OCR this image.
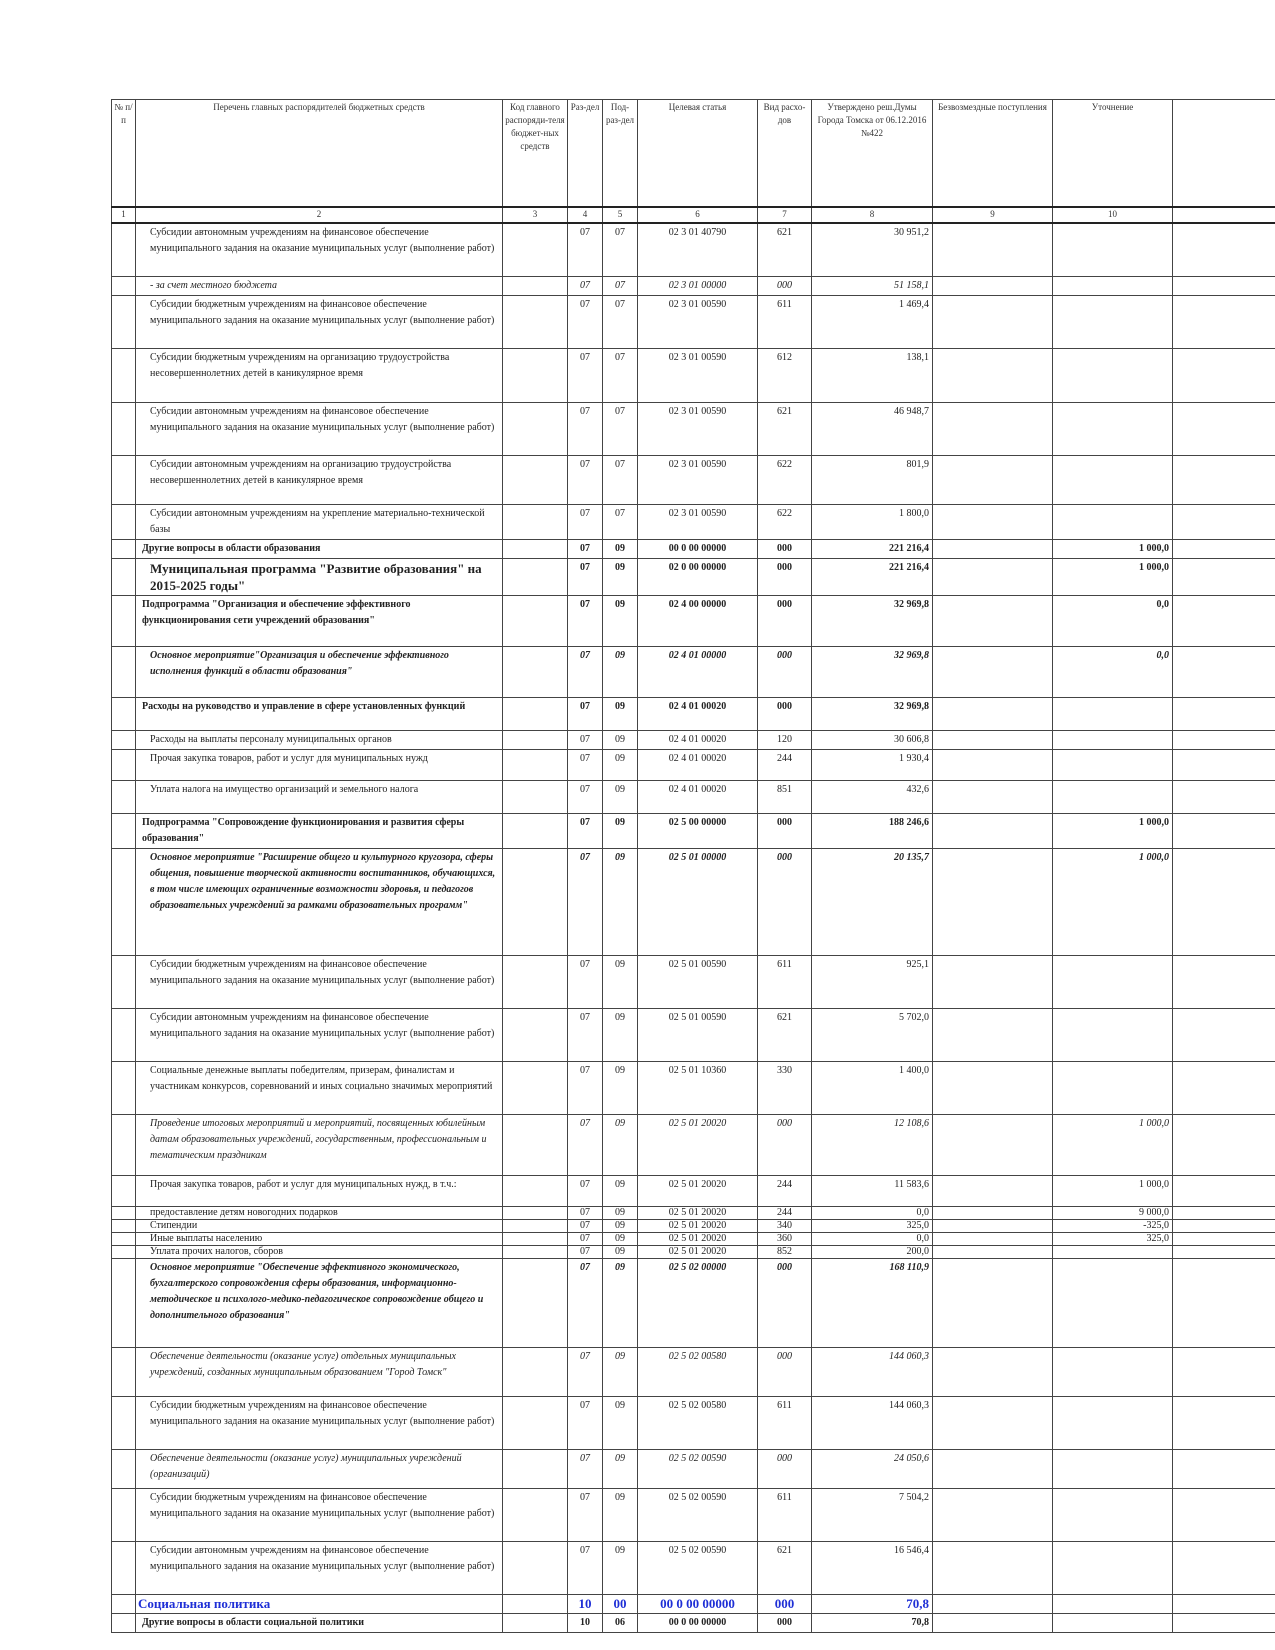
№ п/п	Перечень главных распорядителей бюджетных средств	Код главного распоряди-теля бюджет-ных средств	Раз-дел	Под-раз-дел	Целевая статья	Вид расхо-дов	Утверждено реш.Думы Города Томска от 06.12.2016 №422	Безвозмездные поступления	Уточнение	
1	2	3	4	5	6	7	8	9	10	
	Субсидии автономным учреждениям на финансовое обеспечение муниципального задания на оказание муниципальных услуг (выполнение работ)		07	07	02 3 01 40790	621	30 951,2			
	- за счет местного бюджета		07	07	02 3 01 00000	000	51 158,1			
	Субсидии бюджетным учреждениям на финансовое обеспечение муниципального задания на оказание муниципальных услуг (выполнение работ)		07	07	02 3 01 00590	611	1 469,4			
	Субсидии бюджетным учреждениям на организацию трудоустройства несовершеннолетних детей в каникулярное время		07	07	02 3 01 00590	612	138,1			
	Субсидии автономным учреждениям на финансовое обеспечение муниципального задания на оказание муниципальных услуг (выполнение работ)		07	07	02 3 01 00590	621	46 948,7			
	Субсидии автономным учреждениям на организацию трудоустройства несовершеннолетних детей в каникулярное время		07	07	02 3 01 00590	622	801,9			
	Субсидии автономным учреждениям на укрепление материально-технической базы		07	07	02 3 01 00590	622	1 800,0			
	Другие вопросы в области образования		07	09	00 0 00 00000	000	221 216,4		1 000,0	
	Муниципальная программа "Развитие образования" на 2015-2025 годы"		07	09	02 0 00 00000	000	221 216,4		1 000,0	
	Подпрограмма "Организация и обеспечение эффективного функционирования сети учреждений образования"		07	09	02 4 00 00000	000	32 969,8		0,0	
	Основное мероприятие"Организация и обеспечение эффективного исполнения функций в области образования"		07	09	02 4 01 00000	000	32 969,8		0,0	
	Расходы на руководство и управление в сфере установленных функций		07	09	02 4 01 00020	000	32 969,8			
	Расходы на выплаты персоналу муниципальных органов		07	09	02 4 01 00020	120	30 606,8			
	Прочая закупка товаров, работ и услуг для муниципальных нужд		07	09	02 4 01 00020	244	1 930,4			
	Уплата налога на имущество организаций и земельного налога		07	09	02 4 01 00020	851	432,6			
	Подпрограмма "Сопровождение функционирования и развития сферы образования"		07	09	02 5 00 00000	000	188 246,6		1 000,0	
	Основное мероприятие "Расширение общего и культурного кругозора, сферы общения, повышение творческой активности воспитанников, обучающихся, в том числе имеющих ограниченные возможности здоровья, и педагогов образовательных учреждений за рамками образовательных программ"		07	09	02 5 01 00000	000	20 135,7		1 000,0	
	Субсидии бюджетным учреждениям на финансовое обеспечение муниципального задания на оказание муниципальных услуг (выполнение работ)		07	09	02 5 01 00590	611	925,1			
	Субсидии автономным учреждениям на финансовое обеспечение муниципального задания на оказание муниципальных услуг (выполнение работ)		07	09	02 5 01 00590	621	5 702,0			
	Социальные денежные выплаты победителям, призерам, финалистам и участникам конкурсов, соревнований и иных социально значимых мероприятий		07	09	02 5 01 10360	330	1 400,0			
	Проведение итоговых мероприятий и мероприятий, посвященных юбилейным датам образовательных учреждений, государственным, профессиональным и тематическим праздникам		07	09	02 5 01 20020	000	12 108,6		1 000,0	
	Прочая закупка товаров, работ и услуг для муниципальных нужд, в т.ч.:		07	09	02 5 01 20020	244	11 583,6		1 000,0	
	предоставление детям новогодних подарков		07	09	02 5 01 20020	244	0,0		9 000,0	
	Стипендии		07	09	02 5 01 20020	340	325,0		-325,0	
	Иные выплаты населению		07	09	02 5 01 20020	360	0,0		325,0	
	Уплата прочих налогов, сборов		07	09	02 5 01 20020	852	200,0			
	Основное мероприятие "Обеспечение эффективного экономического, бухгалтерского сопровождения сферы образования, информационно-методическое и психолого-медико-педагогическое сопровождение общего и дополнительного образования"		07	09	02 5 02 00000	000	168 110,9			
	Обеспечение деятельности (оказание услуг) отдельных муниципальных учреждений, созданных муниципальным образованием "Город Томск"		07	09	02 5 02 00580	000	144 060,3			
	Субсидии бюджетным учреждениям на финансовое обеспечение муниципального задания на оказание муниципальных услуг (выполнение работ)		07	09	02 5 02 00580	611	144 060,3			
	Обеспечение деятельности (оказание услуг) муниципальных учреждений (организаций)		07	09	02 5 02 00590	000	24 050,6			
	Субсидии бюджетным учреждениям на финансовое обеспечение муниципального задания на оказание муниципальных услуг (выполнение работ)		07	09	02 5 02 00590	611	7 504,2			
	Субсидии автономным учреждениям на финансовое обеспечение муниципального задания на оказание муниципальных услуг (выполнение работ)		07	09	02 5 02 00590	621	16 546,4			
	Социальная политика		10	00	00 0 00 00000	000	70,8			
	Другие вопросы в области социальной политики		10	06	00 0 00 00000	000	70,8			
